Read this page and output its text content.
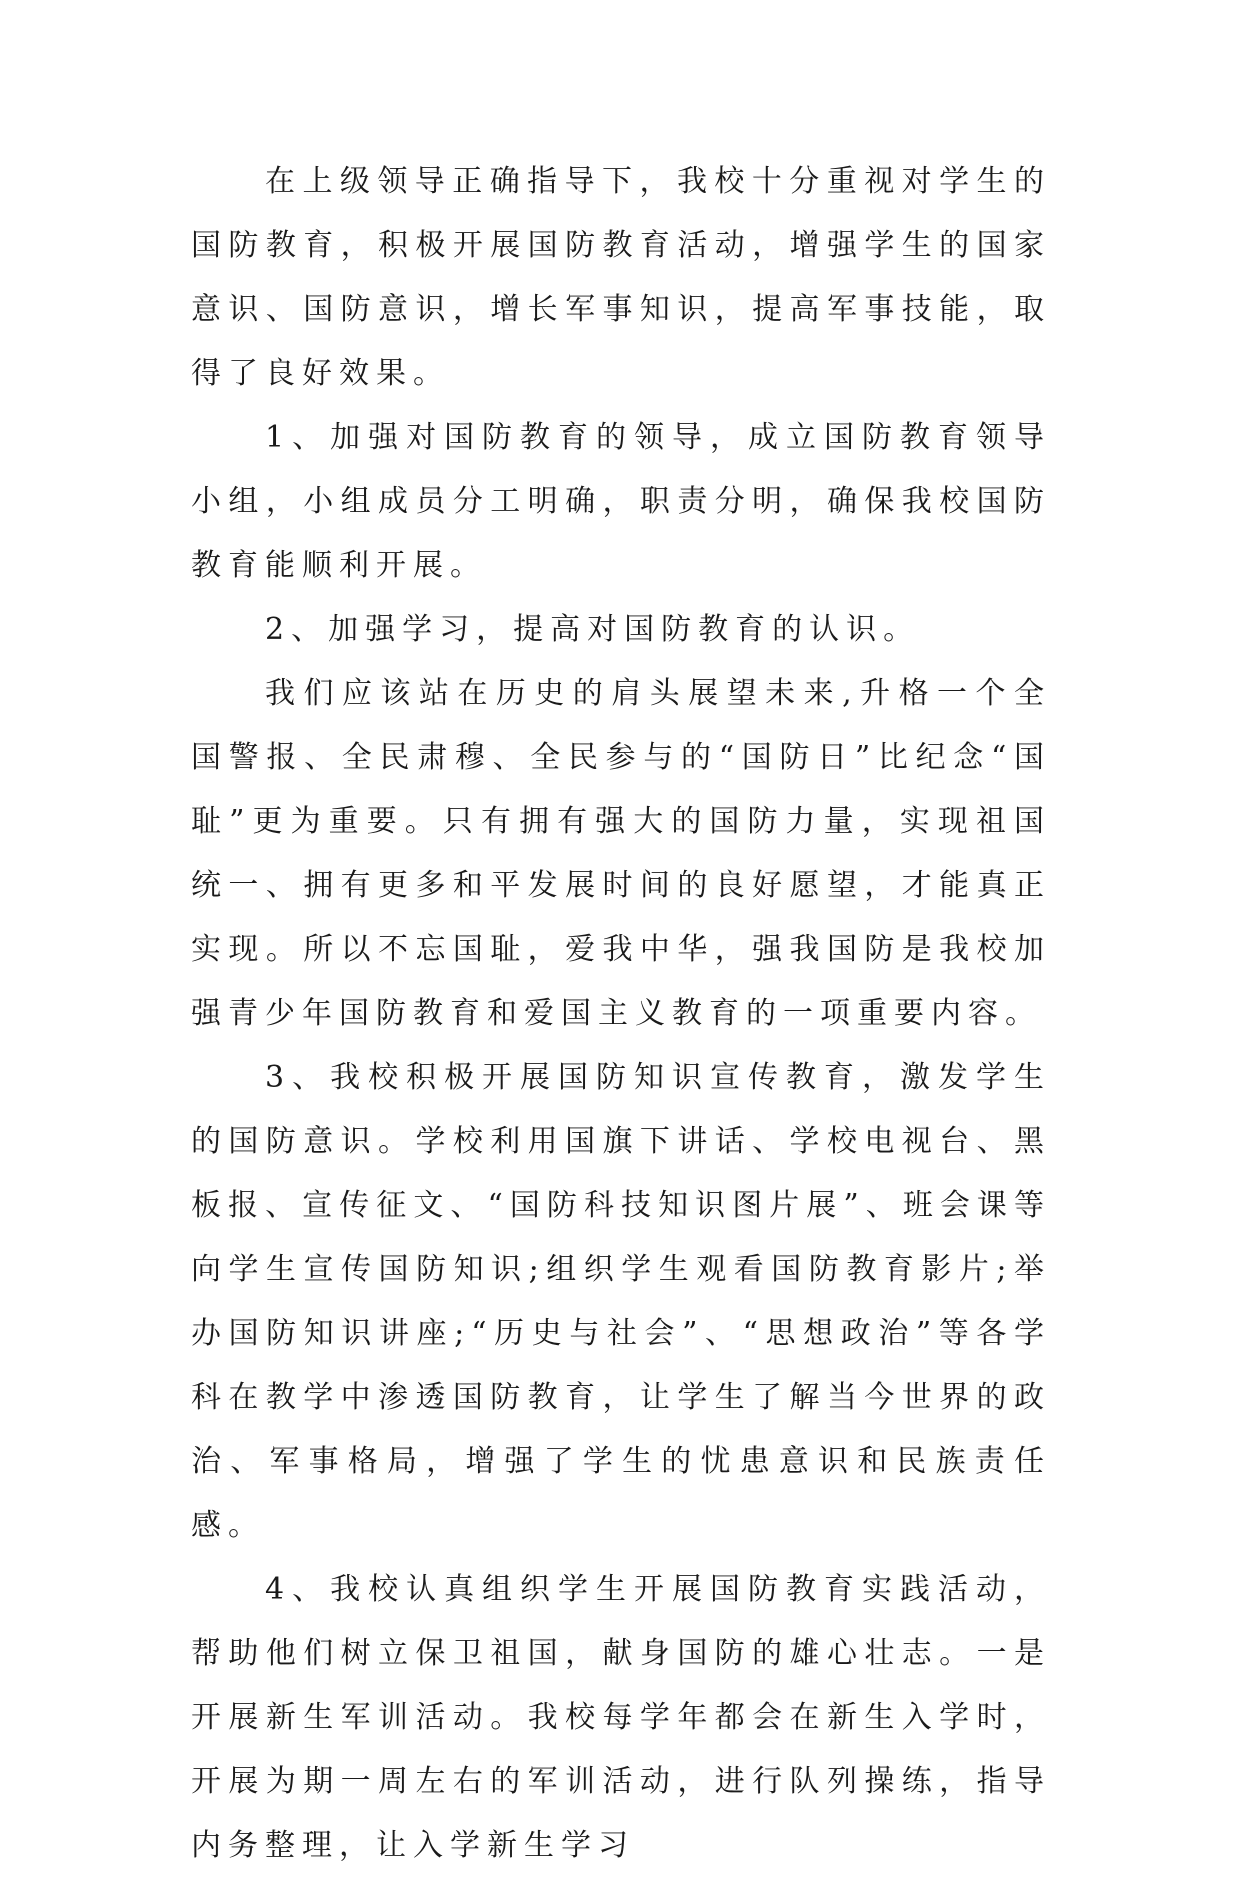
在上级领导正确指导下，我校十分重视对学生的国防教育，积极开展国防教育活动，增强学生的国家意识、国防意识，增长军事知识，提高军事技能，取得了良好效果。

1、加强对国防教育的领导，成立国防教育领导小组，小组成员分工明确，职责分明，确保我校国防教育能顺利开展。

2、加强学习，提高对国防教育的认识。

我们应该站在历史的肩头展望未来,升格一个全国警报、全民肃穆、全民参与的“国防日”比纪念“国耻”更为重要。只有拥有强大的国防力量，实现祖国统一、拥有更多和平发展时间的良好愿望，才能真正实现。所以不忘国耻，爱我中华，强我国防是我校加强青少年国防教育和爱国主义教育的一项重要内容。

3、我校积极开展国防知识宣传教育，激发学生的国防意识。学校利用国旗下讲话、学校电视台、黑板报、宣传征文、“国防科技知识图片展”、班会课等向学生宣传国防知识;组织学生观看国防教育影片;举办国防知识讲座;“历史与社会”、“思想政治”等各学科在教学中渗透国防教育，让学生了解当今世界的政治、军事格局，增强了学生的忧患意识和民族责任感。

4、我校认真组织学生开展国防教育实践活动，帮助他们树立保卫祖国，献身国防的雄心壮志。一是开展新生军训活动。我校每学年都会在新生入学时，开展为期一周左右的军训活动，进行队列操练，指导内务整理，让入学新生学习
